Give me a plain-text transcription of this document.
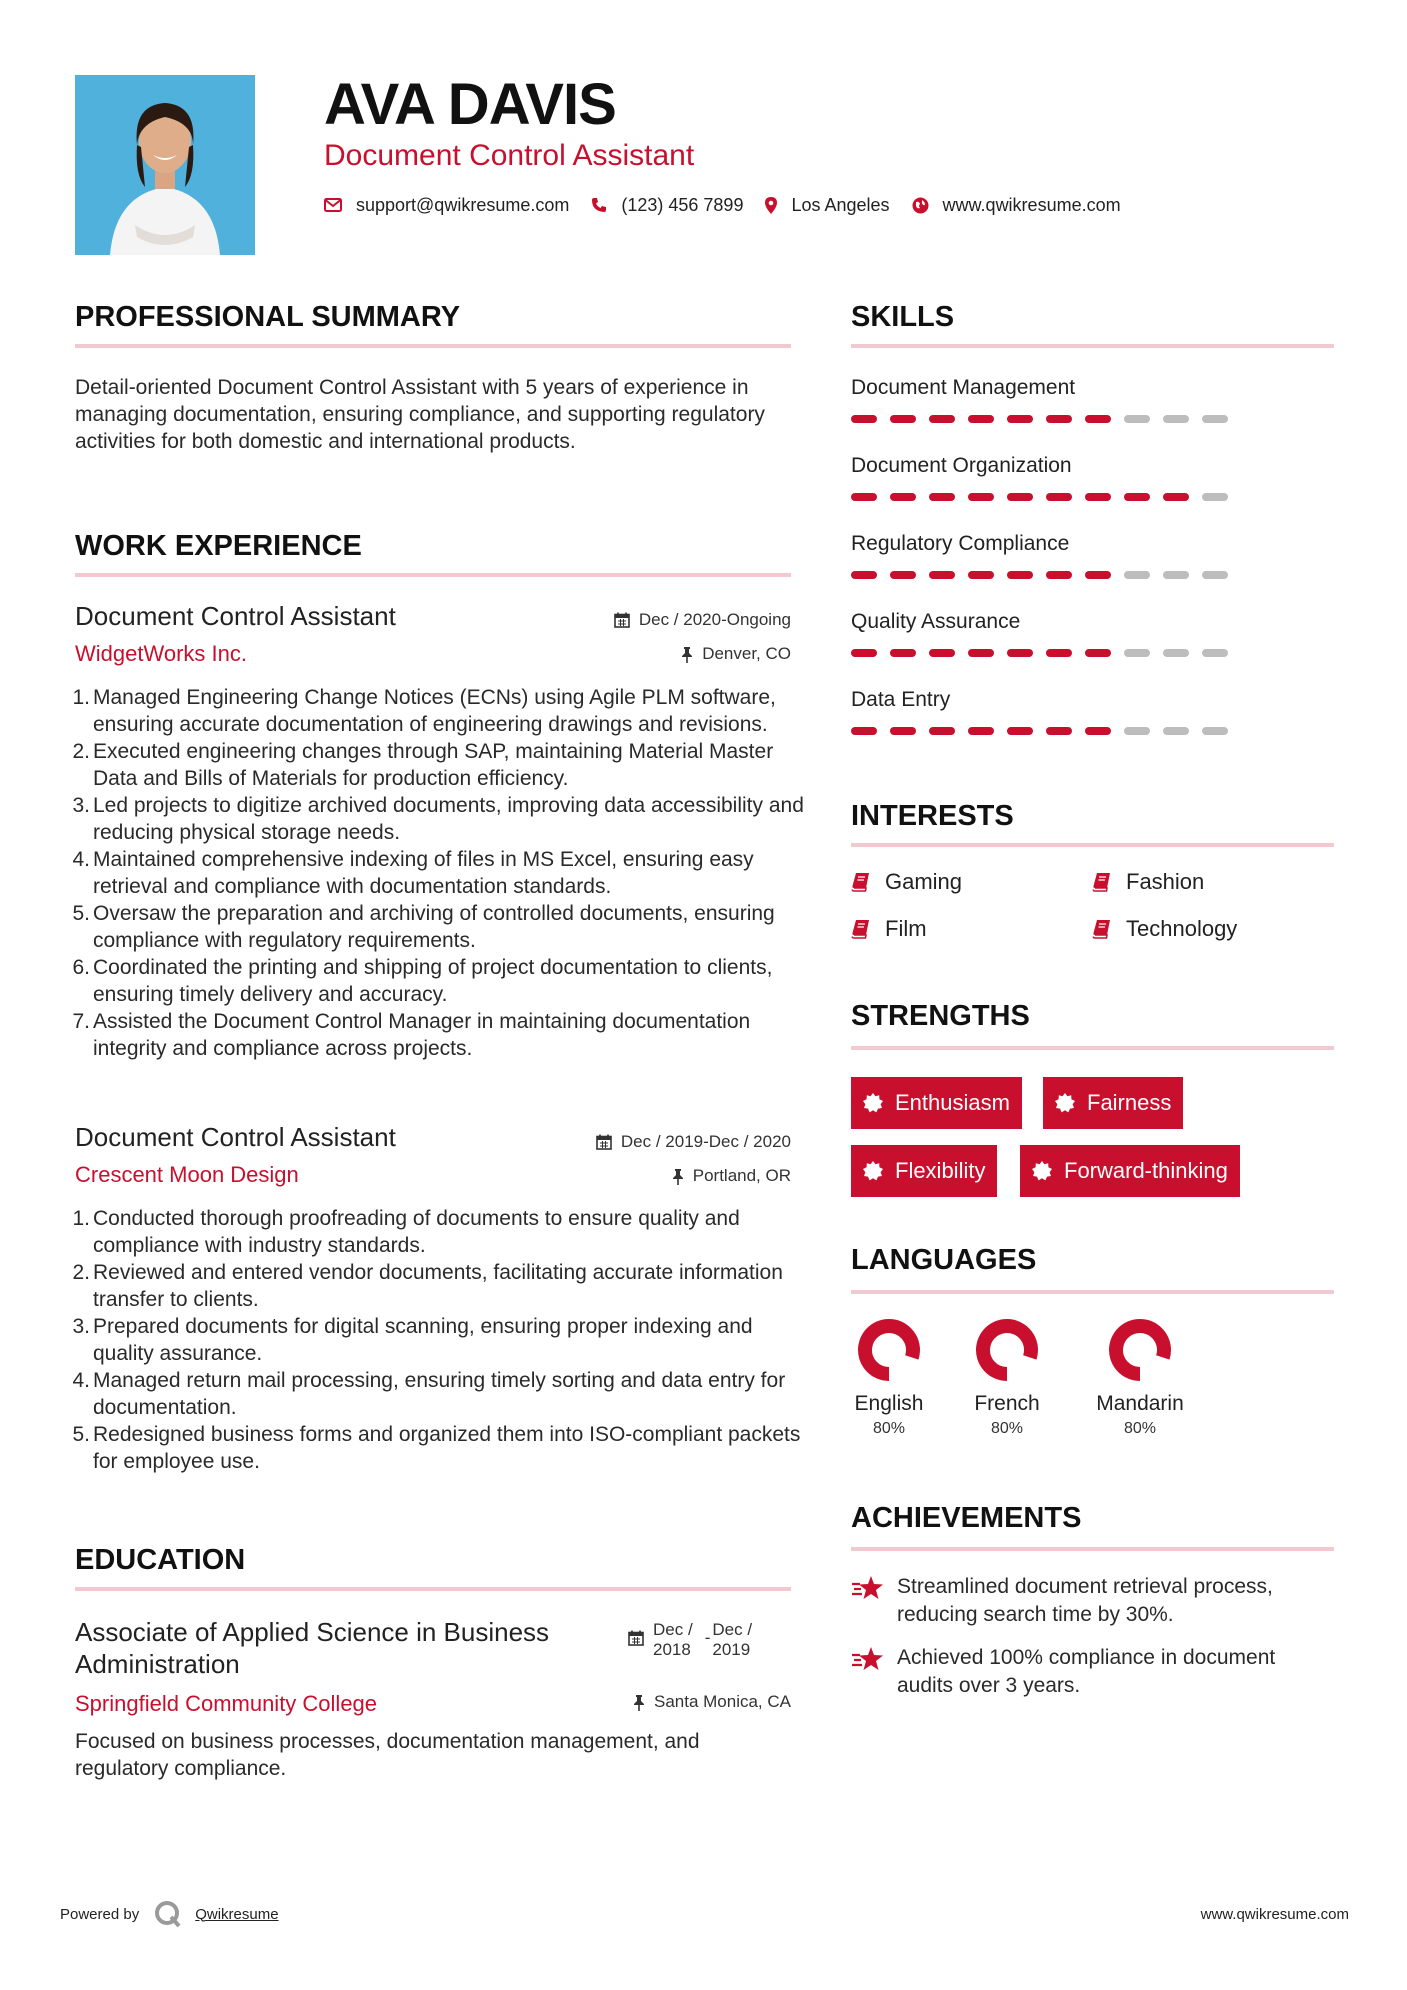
AVA DAVIS
Document Control Assistant
support@qwikresume.com	(123) 456 7899	Los Angeles	www.qwikresume.com
PROFESSIONAL SUMMARY
Detail-oriented Document Control Assistant with 5 years of experience in managing documentation, ensuring compliance, and supporting regulatory activities for both domestic and international products.
WORK EXPERIENCE
Document Control Assistant	Dec / 2020-Ongoing
WidgetWorks Inc.	Denver, CO
1. Managed Engineering Change Notices (ECNs) using Agile PLM software, ensuring accurate documentation of engineering drawings and revisions.
2. Executed engineering changes through SAP, maintaining Material Master Data and Bills of Materials for production efficiency.
3. Led projects to digitize archived documents, improving data accessibility and reducing physical storage needs.
4. Maintained comprehensive indexing of files in MS Excel, ensuring easy retrieval and compliance with documentation standards.
5. Oversaw the preparation and archiving of controlled documents, ensuring compliance with regulatory requirements.
6. Coordinated the printing and shipping of project documentation to clients, ensuring timely delivery and accuracy.
7. Assisted the Document Control Manager in maintaining documentation integrity and compliance across projects.
Document Control Assistant	Dec / 2019-Dec / 2020
Crescent Moon Design	Portland, OR
1. Conducted thorough proofreading of documents to ensure quality and compliance with industry standards.
2. Reviewed and entered vendor documents, facilitating accurate information transfer to clients.
3. Prepared documents for digital scanning, ensuring proper indexing and quality assurance.
4. Managed return mail processing, ensuring timely sorting and data entry for documentation.
5. Redesigned business forms and organized them into ISO-compliant packets for employee use.
EDUCATION
Associate of Applied Science in Business Administration
Dec /
2018
- Dec /
2019
Springfield Community College	Santa Monica, CA
Focused on business processes, documentation management, and regulatory compliance.
SKILLS
Document Management
Document Organization
Regulatory Compliance
Quality Assurance
Data Entry
INTERESTS
Gaming	Fashion
Film	Technology
STRENGTHS
Enthusiasm	Fairness
Flexibility	Forward-thinking
LANGUAGES
English
80%
French
80%
Mandarin
80%
ACHIEVEMENTS
Streamlined document retrieval process, reducing search time by 30%.
Achieved 100% compliance in document audits over 3 years.
Powered by	Qwikresume	www.qwikresume.com
